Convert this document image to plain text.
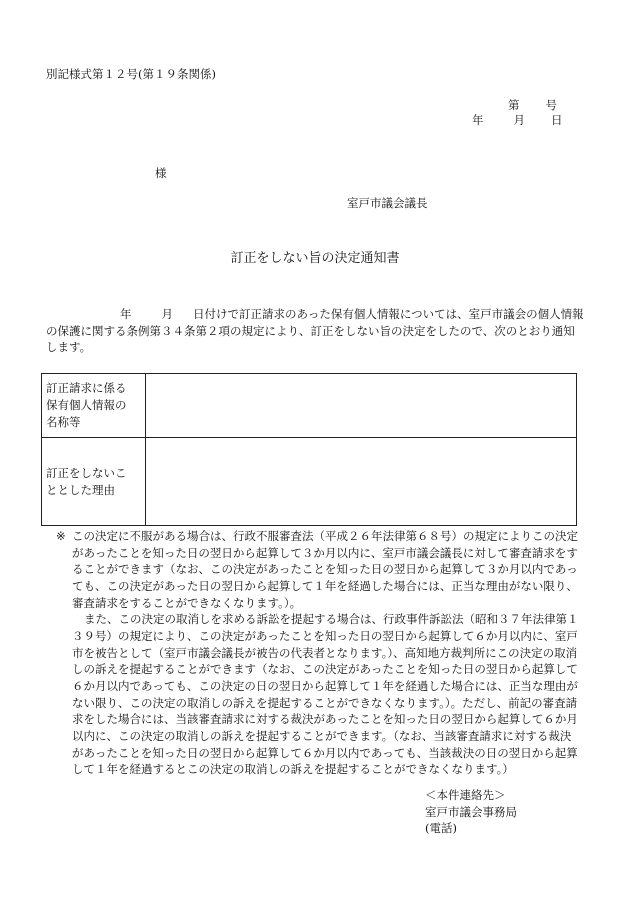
別記様式第１２号(第１９条関係)

第 号

年	月 日

様

室戸市議会議長

訂正をしない旨の決定通知書

年	月 日付けで訂正請求のあった保有個人情報については、室戸市議会の個人情報の保護に関する条例第３４条第２項の規定により、訂正をしない旨の決定をしたので、次のとおり通知します。

訂正請求に係る
保有個人情報の
名称等	

訂正をしないこ
ととした理由	

※ この決定に不服がある場合は、行政不服審査法（平成２６年法律第６８号）の規定によりこの決定があったことを知った日の翌日から起算して３か月以内に、室戸市議会議長に対して審査請求をすることができます（なお、この決定があったことを知った日の翌日から起算して３か月以内であっても、この決定があった日の翌日から起算して１年を経過した場合には、正当な理由がない限り、審査請求をすることができなくなります。）。

また、この決定の取消しを求める訴訟を提起する場合は、行政事件訴訟法（昭和３７年法律第１３９号）の規定により、この決定があったことを知った日の翌日から起算して６か月以内に、室戸市を被告として（室戸市議会議長が被告の代表者となります。）、高知地方裁判所にこの決定の取消しの訴えを提起することができます（なお、この決定があったことを知った日の翌日から起算して６か月以内であっても、この決定の日の翌日から起算して１年を経過した場合には、正当な理由がない限り、この決定の取消しの訴えを提起することができなくなります。）。ただし、前記の審査請求をした場合には、当該審査請求に対する裁決があったことを知った日の翌日から起算して６か月以内に、この決定の取消しの訴えを提起することができます。（なお、当該審査請求に対する裁決があったことを知った日の翌日から起算して６か月以内であっても、当該裁決の日の翌日から起算して１年を経過するとこの決定の取消しの訴えを提起することができなくなります。）

＜本件連絡先＞

室戸市議会事務局

(電話)
